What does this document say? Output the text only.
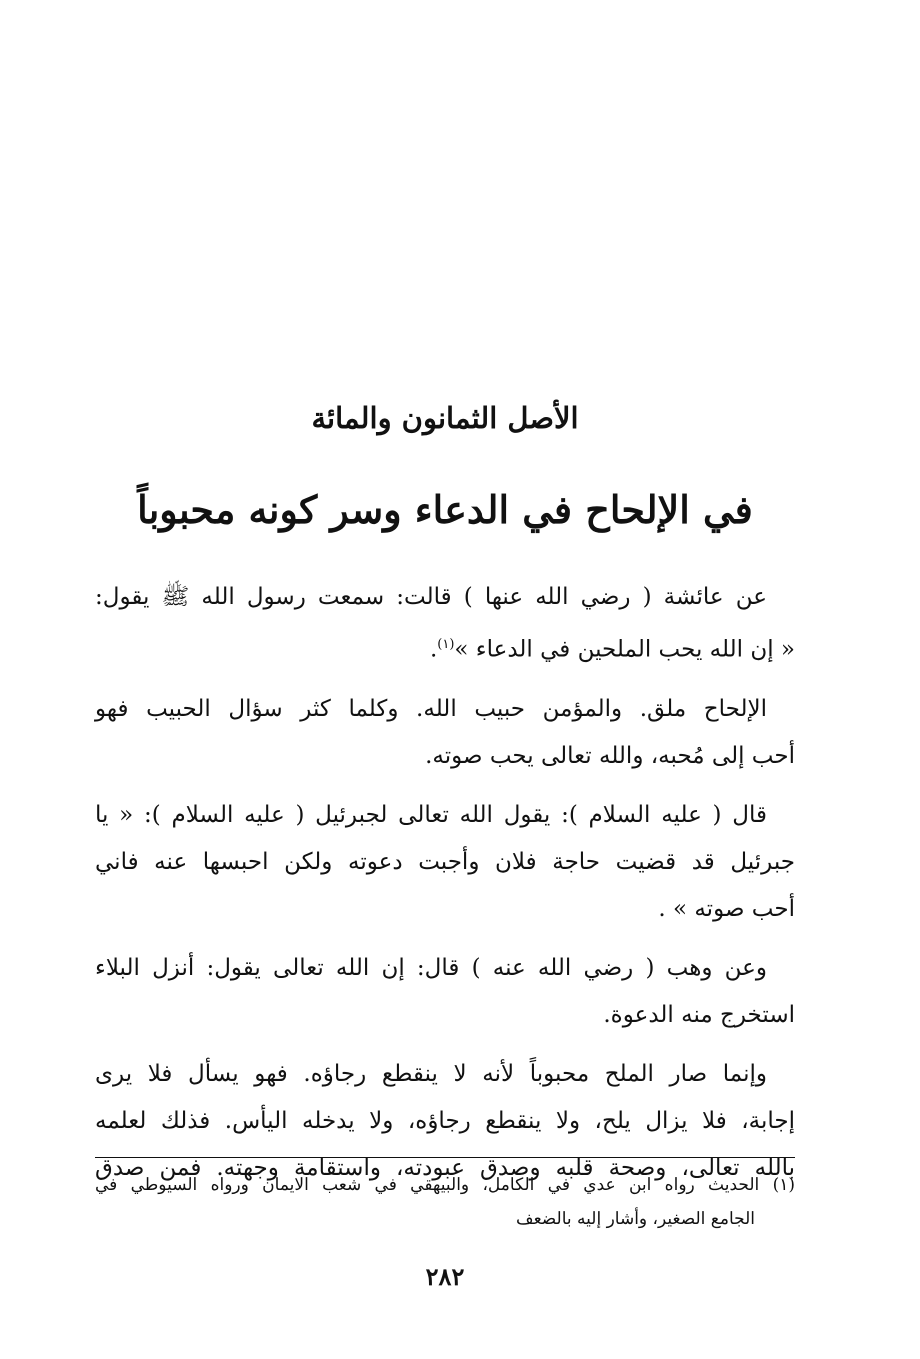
الأصل الثمانون والمائة
في الإلحاح في الدعاء وسر كونه محبوباً
عن عائشة ( رضي الله عنها ) قالت: سمعت رسول الله ﷺ يقول:
« إن الله يحب الملحين في الدعاء »$^{(١)}$.
الإلحاح ملق. والمؤمن حبيب الله. وكلما كثر سؤال الحبيب فهو
أحب إلى مُحبه، والله تعالى يحب صوته.
قال ( عليه السلام ): يقول الله تعالى لجبرئيل ( عليه السلام ): « يا
جبرئيل قد قضيت حاجة فلان وأجبت دعوته ولكن احبسها عنه فاني
أحب صوته » .
وعن وهب ( رضي الله عنه ) قال: إن الله تعالى يقول: أنزل البلاء
استخرج منه الدعوة.
وإنما صار الملح محبوباً لأنه لا ينقطع رجاؤه. فهو يسأل فلا يرى
إجابة، فلا يزال يلح، ولا ينقطع رجاؤه، ولا يدخله اليأس. فذلك لعلمه
بالله تعالى، وصحة قلبه وصدق عبودته، واستقامة وجهته. فمن صدق
(١) الحديث رواه ابن عدي في الكامل، والبيهقي في شعب الايمان ورواه السيوطي في
الجامع الصغير، وأشار إليه بالضعف
٢٨٢
